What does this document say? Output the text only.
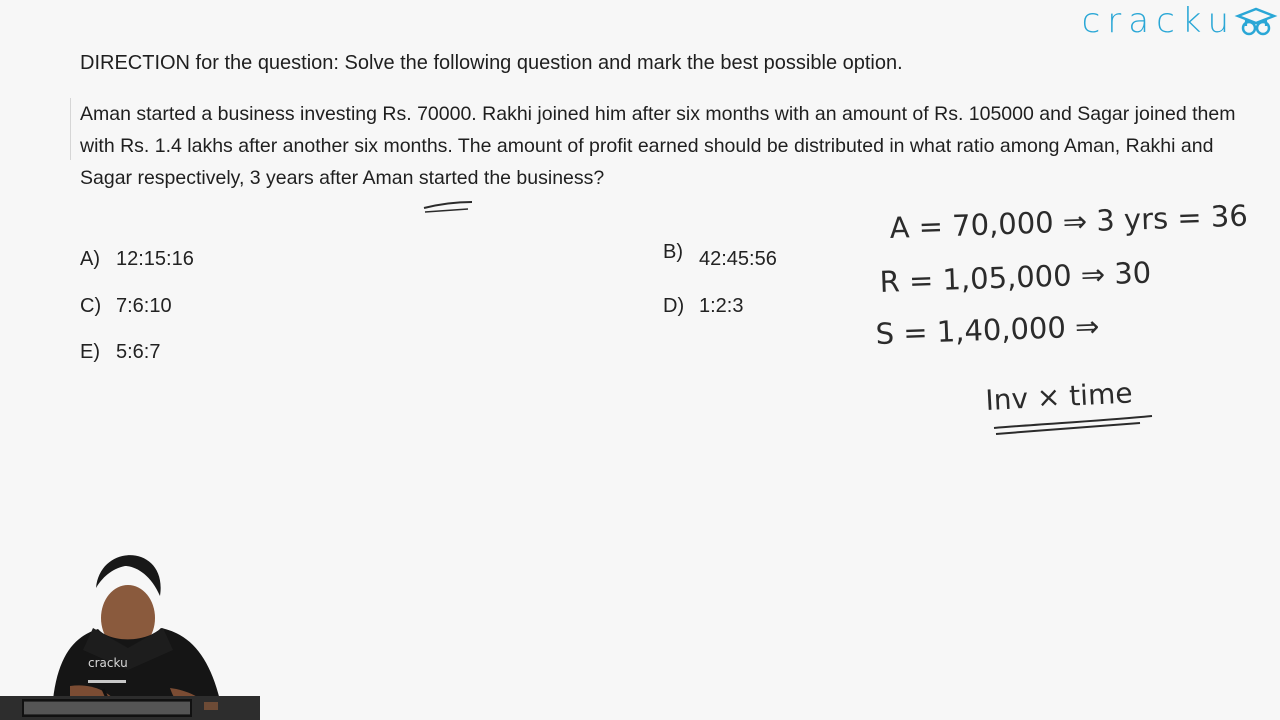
cracku
DIRECTION for the question: Solve the following question and mark the best possible option.
Aman started a business investing Rs. 70000. Rakhi joined him after six months with an amount of Rs. 105000 and Sagar joined them with Rs. 1.4 lakhs after another six months. The amount of profit earned should be distributed in what ratio among Aman, Rakhi and Sagar respectively, 3 years after Aman started the business?
A) 12:15:16	B) 42:45:56
C) 7:6:10	D) 1:2:3
E) 5:6:7
A = 70,000 ⇒ 3 yrs = 36
R = 1,05,000 ⇒ 30
S = 1,40,000 ⇒
Inv × time
cracku
